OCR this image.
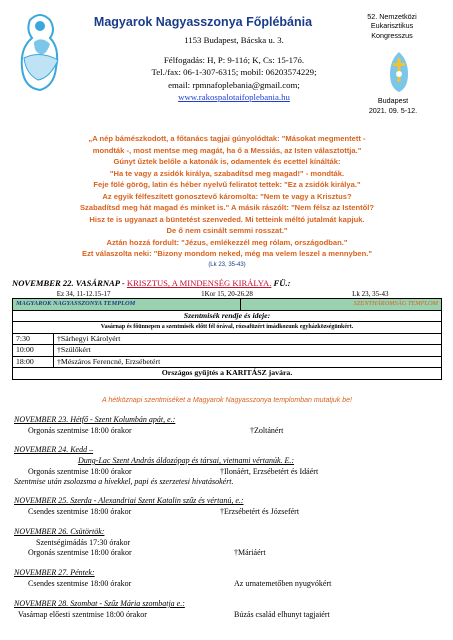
Magyarok Nagyasszonya Főplébánia
1153 Budapest, Bácska u. 3.
Félfogadás: H, P: 9-11ó; K, Cs: 15-17ó.
Tel./fax: 06-1-307-6315; mobil: 06203574229;
email: rpmnafoplebania@gmail.com;
www.rakospalotaifoplebania.hu
52. Nemzetközi
Eukarisztikus
Kongresszus
Budapest
2021. 09. 5-12.
„A nép bámészkodott, a főtanács tagjai gúnyolódtak: "Másokat megmentett -
mondták -, most mentse meg magát, ha ő a Messiás, az Isten választottja."
Gúnyt űztek belőle a katonák is, odamentek és ecettel kínálták:
"Ha te vagy a zsidók királya, szabadítsd meg magad!" - mondták.
Feje fölé görög, latin és héber nyelvű feliratot tettek: "Ez a zsidók királya."
Az egyik félfeszített gonosztevő káromolta: "Nem te vagy a Krisztus?
Szabadítsd meg hát magad és minket is." A másik rászólt: "Nem félsz az Istentől?
Hisz te is ugyanazt a büntetést szenveded. Mi tetteink méltó jutalmát kapjuk.
De ő nem csinált semmi rosszat."
Aztán hozzá fordult: "Jézus, emlékezzél meg rólam, országodban."
Ezt válaszolta neki: "Bizony mondom neked, még ma velem leszel a mennyben."
(Lk 23, 35-43)
NOVEMBER 22. VASÁRNAP - KRISZTUS, A MINDENSÉG KIRÁLYA. FÜ.:
Ez 34, 11-12.15-17	1Kor 15, 20-26.28	Lk 23, 35-43
MAGYAROK NAGYASSZONYA TEMPLOM		SZENTHÁROMSÁG TEMPLOM
Szentmisék rendje és ideje:		
Vasárnap és főünnepen a szentmisék előtt fél órával, rózsafüzért imádkozunk egyházközségünkért.		
7:30	†Sárhegyi Károlyért	
10:00	†Szülőkért	
18:00	†Mészáros Ferencné, Erzsébetért	
Országos gyűjtés a KARITÁSZ javára.		
A hétköznapi szentmiséket a Magyarok Nagyasszonya templomban mutatjuk be!
NOVEMBER 23. Hétfő - Szent Kolumbán apát, e.:
Orgonás szentmise 18:00 órakor	†Zoltánért
NOVEMBER 24. Kedd –
Dung-Lac Szent András áldozópap és társai, vietnami vértanúk. E.:
Orgonás szentmise 18:00 órakor	†Ilonáért, Erzsébetért és Idáért
Szentmise után zsolozsma a hívekkel, papi és szerzetesi hivatásokért.
NOVEMBER 25. Szerda - Alexandriai Szent Katalin szűz és vértanú, e.:
Csendes szentmise 18:00 órakor	†Erzsébetért és Józsefért
NOVEMBER 26. Csütörtök:
Szentségimádás 17:30 órakor
Orgonás szentmise 18:00 órakor	†Máriáért
NOVEMBER 27. Péntek:
Csendes szentmise 18:00 órakor	Az urnatemetőben nyugvókért
NOVEMBER 28. Szombat - Szűz Mária szombatja e.:
Vasárnap előesti szentmise 18:00 órakor	Búzás család elhunyt tagjaiért
